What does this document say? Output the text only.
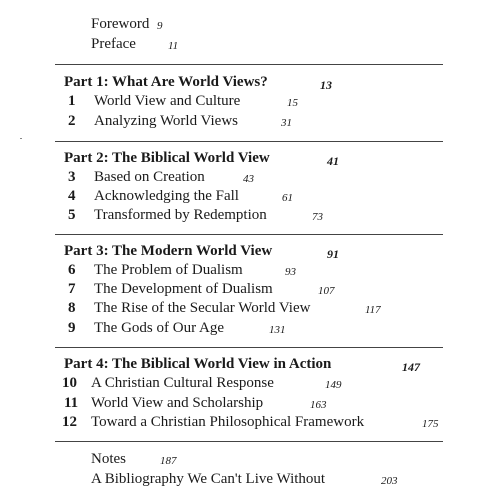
Foreword 9
Preface	11
Part 1: What Are World Views?	13
1 World View and Culture	15
2 Analyzing World Views	31
Part 2: The Biblical World View	41
3 Based on Creation	43
4 Acknowledging the Fall	61
5 Transformed by Redemption	73
Part 3: The Modern World View	91
6 The Problem of Dualism	93
7 The Development of Dualism	107
8 The Rise of the Secular World View	117
9 The Gods of Our Age	131
Part 4: The Biblical World View in Action	147
10 A Christian Cultural Response	149
11 World View and Scholarship	163
12 Toward a Christian Philosophical Framework	175
Notes	187
A Bibliography We Can't Live Without	203
